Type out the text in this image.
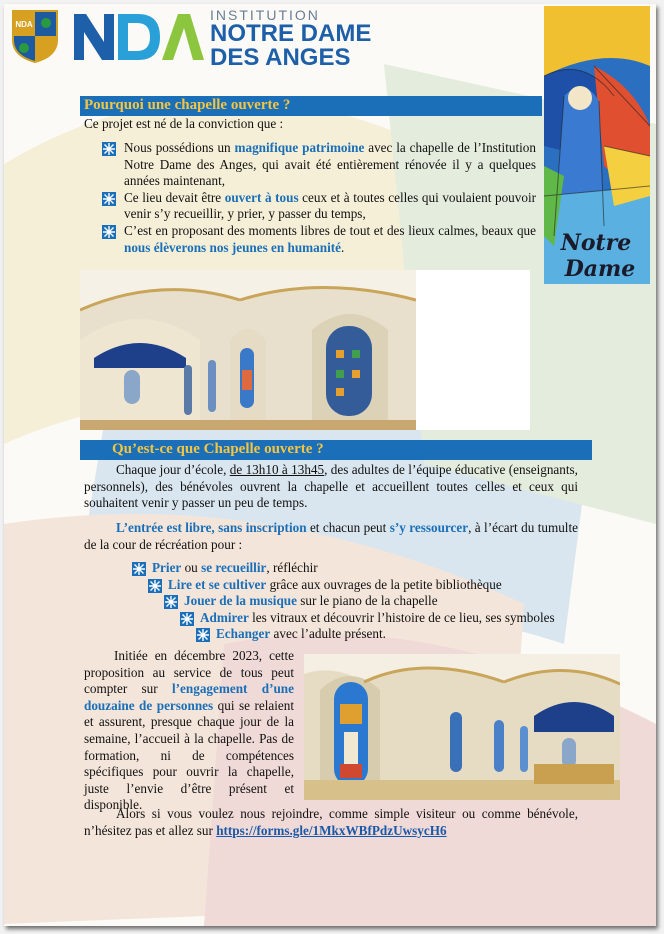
NDA
NDA
INSTITUTION
NOTRE DAME
DES ANGES
Notre
Dame
Pourquoi une chapelle ouverte ?
Ce projet est né de la conviction que :
Nous possédions un magnifique patrimoine avec la chapelle de l’Institution Notre Dame des Anges, qui avait été entièrement rénovée il y a quelques années maintenant,
Ce lieu devait être ouvert à tous ceux et à toutes celles qui voulaient pouvoir venir s’y recueillir, y prier, y passer du temps,
C’est en proposant des moments libres de tout et des lieux calmes, beaux que nous élèverons nos jeunes en humanité.
Qu’est-ce que Chapelle ouverte ?
Chaque jour d’école, de 13h10 à 13h45, des adultes de l’équipe éducative (enseignants, personnels), des bénévoles ouvrent la chapelle et accueillent toutes celles et ceux qui souhaitent venir y passer un peu de temps.
L’entrée est libre, sans inscription et chacun peut s’y ressourcer, à l’écart du tumulte de la cour de récréation pour :
Prier ou se recueillir, réfléchir
Lire et se cultiver grâce aux ouvrages de la petite bibliothèque
Jouer de la musique sur le piano de la chapelle
Admirer les vitraux et découvrir l’histoire de ce lieu, ses symboles
Echanger avec l’adulte présent.
Initiée en décembre 2023, cette proposition au service de tous peut compter sur l’engagement d’une douzaine de personnes qui se relaient et assurent, presque chaque jour de la semaine, l’accueil à la chapelle. Pas de formation, ni de compétences spécifiques pour ouvrir la chapelle, juste l’envie d’être présent et disponible.
Alors si vous voulez nous rejoindre, comme simple visiteur ou comme bénévole, n’hésitez pas et allez sur https://forms.gle/1MkxWBfPdzUwsycH6
